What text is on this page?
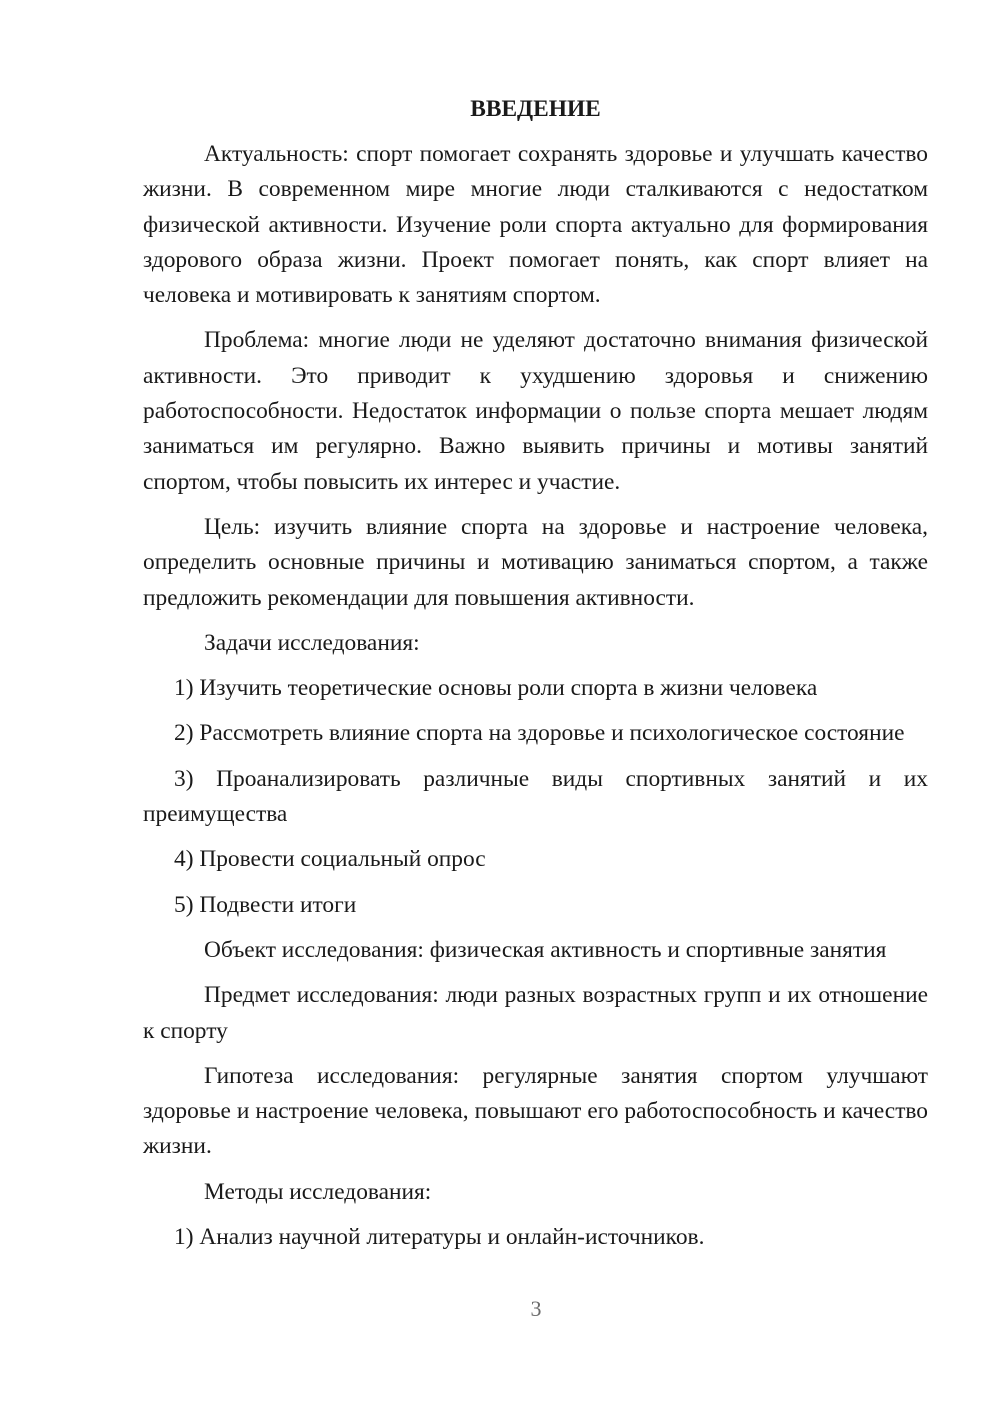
ВВЕДЕНИЕ

Актуальность: спорт помогает сохранять здоровье и улучшать качество жизни. В современном мире многие люди сталкиваются с недостатком физической активности. Изучение роли спорта актуально для формирования здорового образа жизни. Проект помогает понять, как спорт влияет на человека и мотивировать к занятиям спортом.

Проблема: многие люди не уделяют достаточно внимания физической активности. Это приводит к ухудшению здоровья и снижению работоспособности. Недостаток информации о пользе спорта мешает людям заниматься им регулярно. Важно выявить причины и мотивы занятий спортом, чтобы повысить их интерес и участие.

Цель: изучить влияние спорта на здоровье и настроение человека, определить основные причины и мотивацию заниматься спортом, а также предложить рекомендации для повышения активности.

Задачи исследования:

1) Изучить теоретические основы роли спорта в жизни человека

2) Рассмотреть влияние спорта на здоровье и психологическое состояние

3) Проанализировать различные виды спортивных занятий и их преимущества

4) Провести социальный опрос

5) Подвести итоги

Объект исследования: физическая активность и спортивные занятия

Предмет исследования: люди разных возрастных групп и их отношение к спорту

Гипотеза исследования: регулярные занятия спортом улучшают здоровье и настроение человека, повышают его работоспособность и качество жизни.

Методы исследования:

1) Анализ научной литературы и онлайн-источников.

3
